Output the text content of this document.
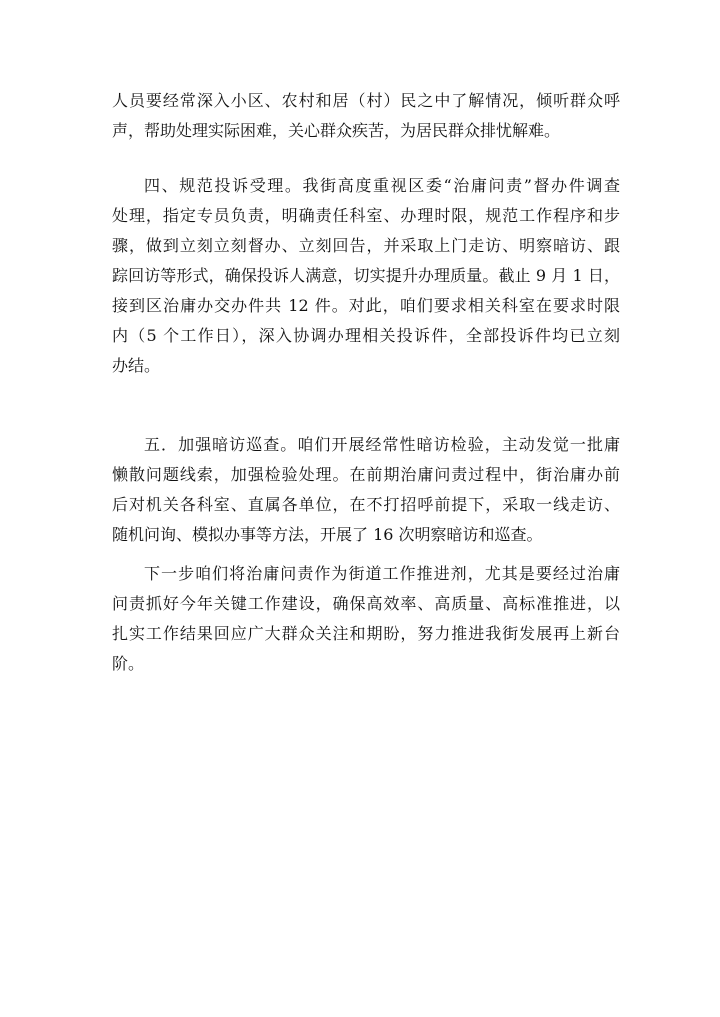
人员要经常深入小区、农村和居（村）民之中了解情况，倾听群众呼
声，帮助处理实际困难，关心群众疾苦，为居民群众排忧解难。
四、规范投诉受理。我街高度重视区委“治庸问责”督办件调查
处理，指定专员负责，明确责任科室、办理时限，规范工作程序和步
骤，做到立刻立刻督办、立刻回告，并采取上门走访、明察暗访、跟
踪回访等形式，确保投诉人满意，切实提升办理质量。截止 9 月 1 日，
接到区治庸办交办件共 12 件。对此，咱们要求相关科室在要求时限
内（5 个工作日），深入协调办理相关投诉件，全部投诉件均已立刻
办结。
五．加强暗访巡查。咱们开展经常性暗访检验，主动发觉一批庸
懒散问题线索，加强检验处理。在前期治庸问责过程中，街治庸办前
后对机关各科室、直属各单位，在不打招呼前提下，采取一线走访、
随机问询、模拟办事等方法，开展了 16 次明察暗访和巡查。
下一步咱们将治庸问责作为街道工作推进剂，尤其是要经过治庸
问责抓好今年关键工作建设，确保高效率、高质量、高标准推进，以
扎实工作结果回应广大群众关注和期盼，努力推进我街发展再上新台
阶。
